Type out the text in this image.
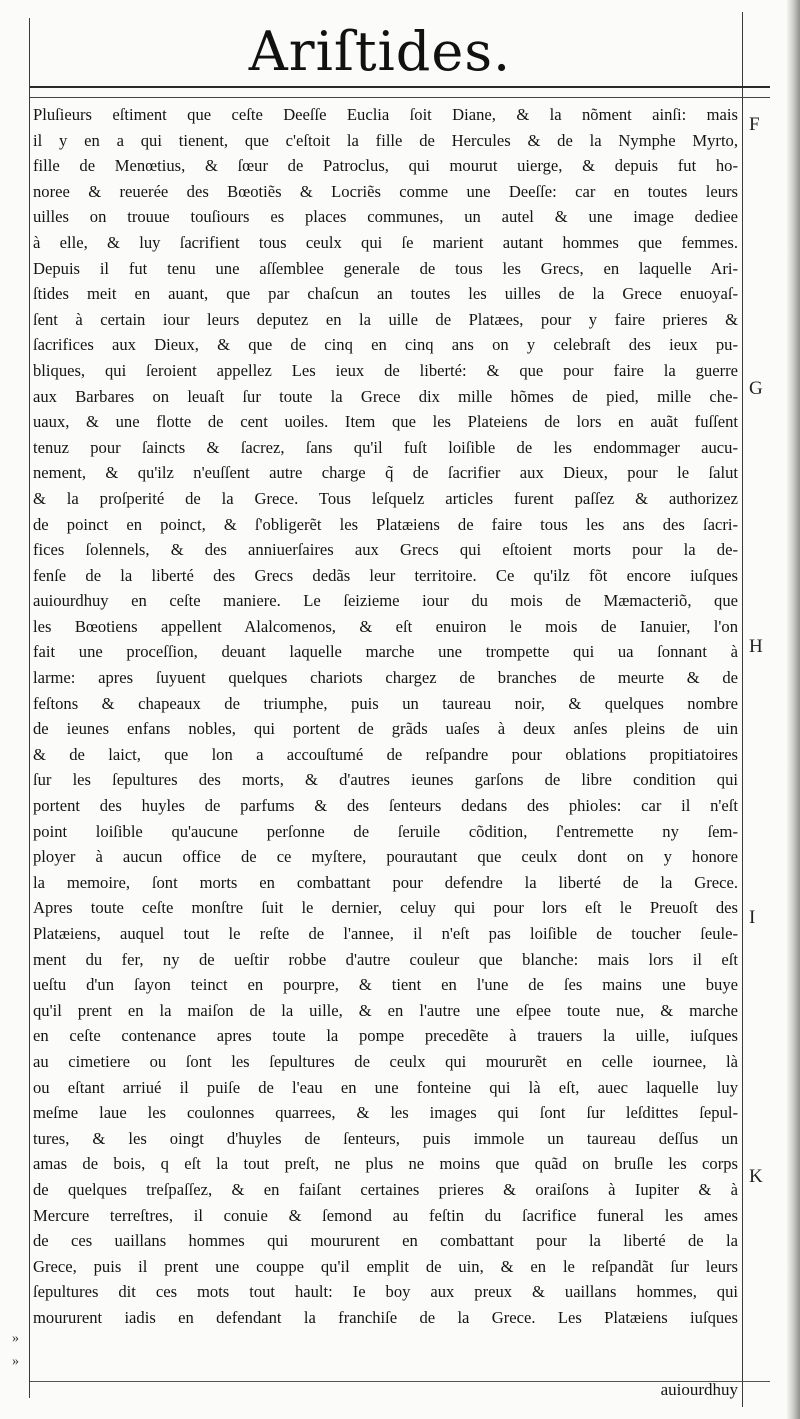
Ariſtides.
Pluſieurs eſtiment que ceſte Deeſſe Euclia ſoit Diane, & la nõment ainſi: mais
il y en a qui tienent, que c'eſtoit la fille de Hercules & de la Nymphe Myrto,
fille de Menœtius, & ſœur de Patroclus, qui mourut uierge, & depuis fut ho-
noree & reuerée des Bœotiẽs & Locriẽs comme une Deeſſe: car en toutes leurs
uilles on trouue touſiours es places communes, un autel & une image dediee
à elle, & luy ſacrifient tous ceulx qui ſe marient autant hommes que femmes.
Depuis il fut tenu une aſſemblee generale de tous les Grecs, en laquelle Ari-
ſtides meit en auant, que par chaſcun an toutes les uilles de la Grece enuoyaſ-
ſent à certain iour leurs deputez en la uille de Platæes, pour y faire prieres &
ſacrifices aux Dieux, & que de cinq en cinq ans on y celebraſt des ieux pu-
bliques, qui ſeroient appellez Les ieux de liberté: & que pour faire la guerre
aux Barbares on leuaſt ſur toute la Grece dix mille hõmes de pied, mille che-
uaux, & une flotte de cent uoiles. Item que les Plateiens de lors en auãt fuſſent
tenuz pour ſaincts & ſacrez, ſans qu'il fuſt loiſible de les endommager aucu-
nement, & qu'ilz n'euſſent autre charge q̃ de ſacrifier aux Dieux, pour le ſalut
& la proſperité de la Grece. Tous leſquelz articles furent paſſez & authorizez
de poinct en poinct, & ſ'obligerẽt les Platæiens de faire tous les ans des ſacri-
fices ſolennels, & des anniuerſaires aux Grecs qui eſtoient morts pour la de-
fenſe de la liberté des Grecs dedãs leur territoire. Ce qu'ilz fõt encore iuſques
auiourdhuy en ceſte maniere. Le ſeizieme iour du mois de Mæmacteriõ, que
les Bœotiens appellent Alalcomenos, & eſt enuiron le mois de Ianuier, l'on
fait une proceſſion, deuant laquelle marche une trompette qui ua ſonnant à
larme: apres ſuyuent quelques chariots chargez de branches de meurte & de
feſtons & chapeaux de triumphe, puis un taureau noir, & quelques nombre
de ieunes enfans nobles, qui portent de grãds uaſes à deux anſes pleins de uin
& de laict, que lon a accouſtumé de reſpandre pour oblations propitiatoires
ſur les ſepultures des morts, & d'autres ieunes garſons de libre condition qui
portent des huyles de parfums & des ſenteurs dedans des phioles: car il n'eſt
point loiſible qu'aucune perſonne de ſeruile cõdition, ſ'entremette ny ſem-
ployer à aucun office de ce myſtere, pourautant que ceulx dont on y honore
la memoire, ſont morts en combattant pour defendre la liberté de la Grece.
Apres toute ceſte monſtre ſuit le dernier, celuy qui pour lors eſt le Preuoſt des
Platæiens, auquel tout le reſte de l'annee, il n'eſt pas loiſible de toucher ſeule-
ment du fer, ny de ueſtir robbe d'autre couleur que blanche: mais lors il eſt
ueſtu d'un ſayon teinct en pourpre, & tient en l'une de ſes mains une buye
qu'il prent en la maiſon de la uille, & en l'autre une eſpee toute nue, & marche
en ceſte contenance apres toute la pompe precedẽte à trauers la uille, iuſques
au cimetiere ou ſont les ſepultures de ceulx qui moururẽt en celle iournee, là
ou eſtant arriué il puiſe de l'eau en une fonteine qui là eſt, auec laquelle luy
meſme laue les coulonnes quarrees, & les images qui ſont ſur leſdittes ſepul-
tures, & les oingt d'huyles de ſenteurs, puis immole un taureau deſſus un
amas de bois, q eſt la tout preſt, ne plus ne moins que quãd on bruſle les corps
de quelques treſpaſſez, & en faiſant certaines prieres & oraiſons à Iupiter & à
Mercure terreſtres, il conuie & ſemond au feſtin du ſacrifice funeral les ames
de ces uaillans hommes qui moururent en combattant pour la liberté de la
Grece, puis il prent une couppe qu'il emplit de uin, & en le reſpandãt ſur leurs
ſepultures dit ces mots tout hault: Ie boy aux preux & uaillans hommes, qui
moururent iadis en defendant la franchiſe de la Grece. Les Platæiens iuſques
F
G
H
I
K
»
»
auiourdhuy
